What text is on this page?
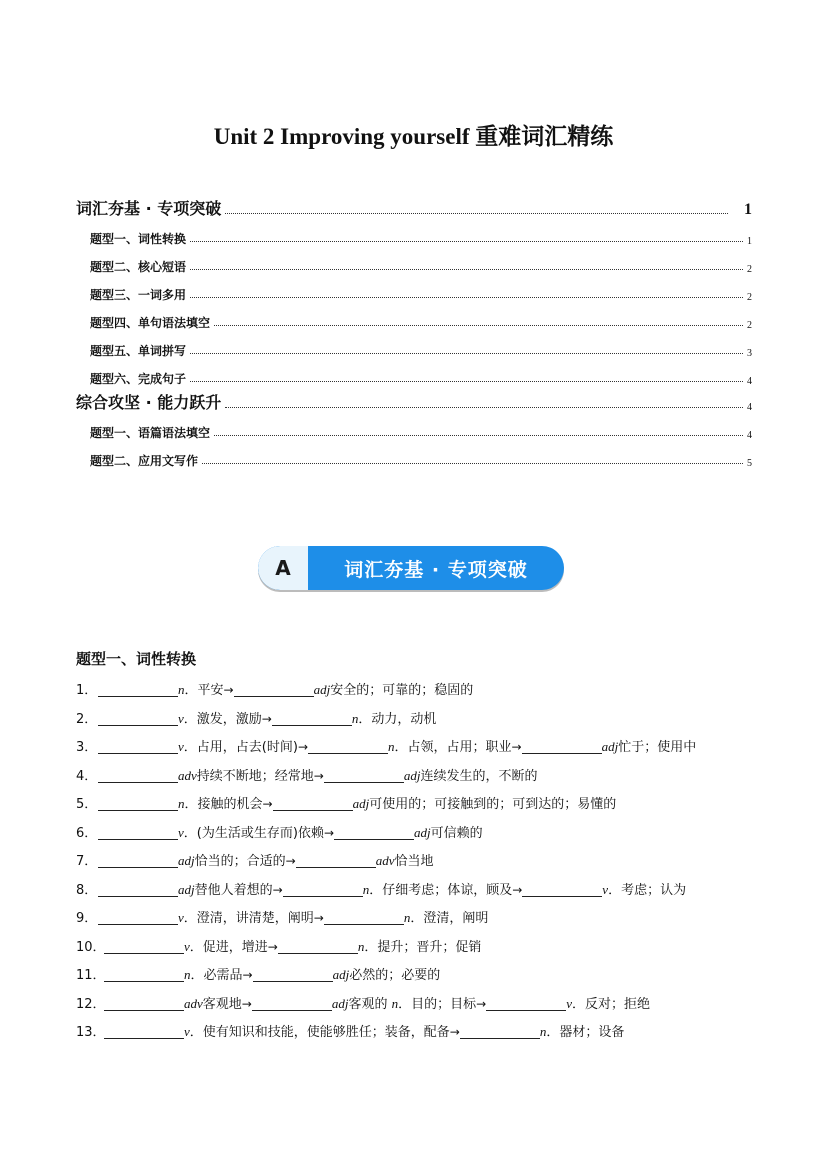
Unit 2 Improving yourself 重难词汇精练
词汇夯基 · 专项突破	1
题型一、词性转换	1
题型二、核心短语	2
题型三、一词多用	2
题型四、单句语法填空	2
题型五、单词拼写	3
题型六、完成句子	4
综合攻坚 · 能力跃升	4
题型一、语篇语法填空	4
题型二、应用文写作	5
A	词汇夯基 · 专项突破
题型一、词性转换
1．	n．平安→	adj安全的；可靠的；稳固的
2．	v．激发，激励→	n．动力，动机
3．	v．占用，占去(时间)→	n．占领，占用；职业→	adj忙于；使用中
4．	adv持续不断地；经常地→	adj连续发生的，不断的
5．	n．接触的机会→	adj可使用的；可接触到的；可到达的；易懂的
6．	v．(为生活或生存而)依赖→	adj可信赖的
7．	adj恰当的；合适的→	adv恰当地
8．	adj替他人着想的→	n．仔细考虑；体谅，顾及→	v．考虑；认为
9．	v．澄清，讲清楚，阐明→	n．澄清，阐明
10．	v．促进，增进→	n．提升；晋升；促销
11．	n．必需品→	adj必然的；必要的
12．	adv客观地→	adj客观的 n．目的；目标→	v．反对；拒绝
13．	v．使有知识和技能，使能够胜任；装备，配备→	n．器材；设备
